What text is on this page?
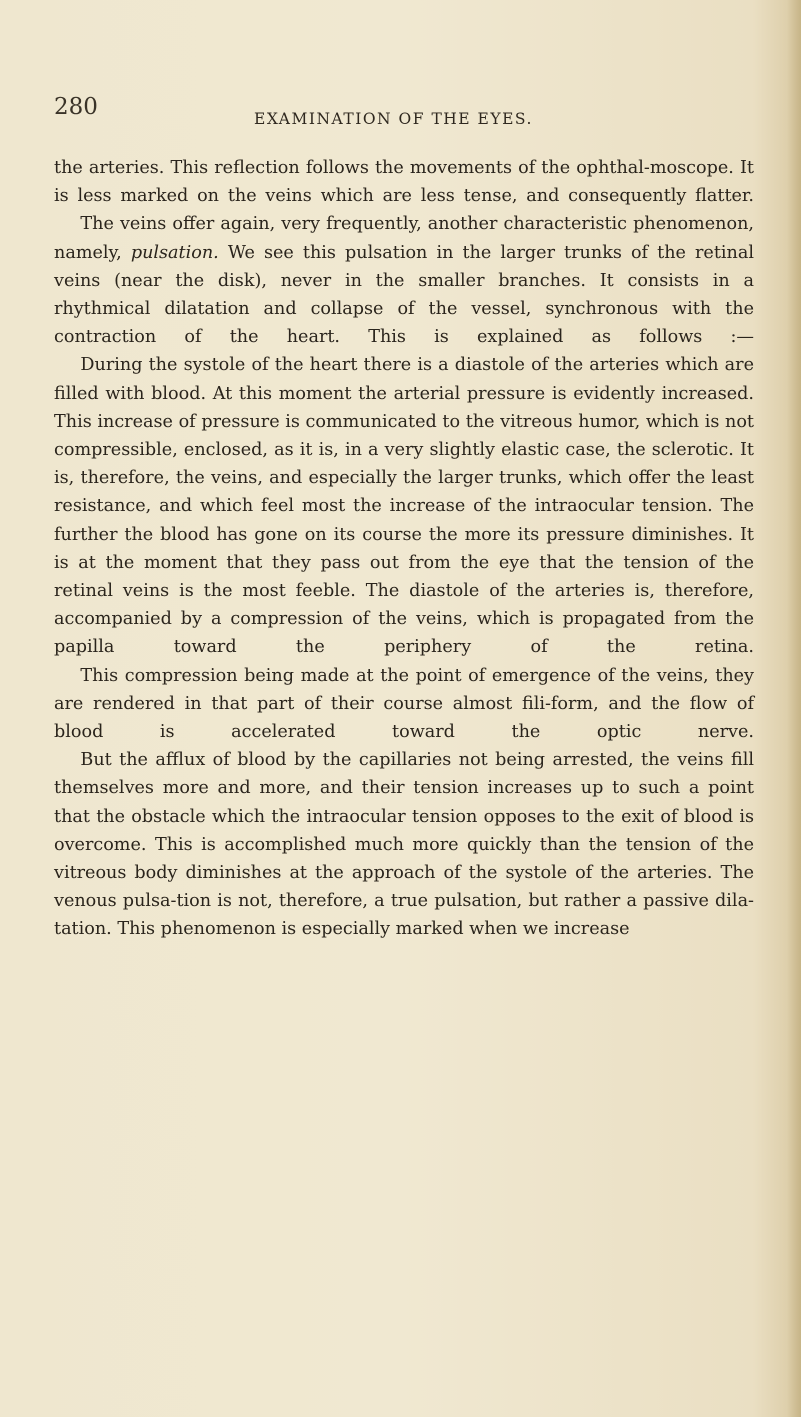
280	EXAMINATION OF THE EYES.

the arteries. This reflection follows the movements of the ophthal-moscope. It is less marked on the veins which are less tense, and consequently flatter.

The veins offer again, very frequently, another characteristic phenomenon, namely, pulsation. We see this pulsation in the larger trunks of the retinal veins (near the disk), never in the smaller branches. It consists in a rhythmical dilatation and collapse of the vessel, synchronous with the contraction of the heart. This is explained as follows :—

During the systole of the heart there is a diastole of the arteries which are filled with blood. At this moment the arterial pressure is evidently increased. This increase of pressure is communicated to the vitreous humor, which is not compressible, enclosed, as it is, in a very slightly elastic case, the sclerotic. It is, therefore, the veins, and especially the larger trunks, which offer the least resistance, and which feel most the increase of the intraocular tension. The further the blood has gone on its course the more its pressure diminishes. It is at the moment that they pass out from the eye that the tension of the retinal veins is the most feeble. The diastole of the arteries is, therefore, accompanied by a compression of the veins, which is propagated from the papilla toward the periphery of the retina.

This compression being made at the point of emergence of the veins, they are rendered in that part of their course almost fili-form, and the flow of blood is accelerated toward the optic nerve.

But the afflux of blood by the capillaries not being arrested, the veins fill themselves more and more, and their tension increases up to such a point that the obstacle which the intraocular tension opposes to the exit of blood is overcome. This is accomplished much more quickly than the tension of the vitreous body diminishes at the approach of the systole of the arteries. The venous pulsa-tion is not, therefore, a true pulsation, but rather a passive dila-tation. This phenomenon is especially marked when we increase
